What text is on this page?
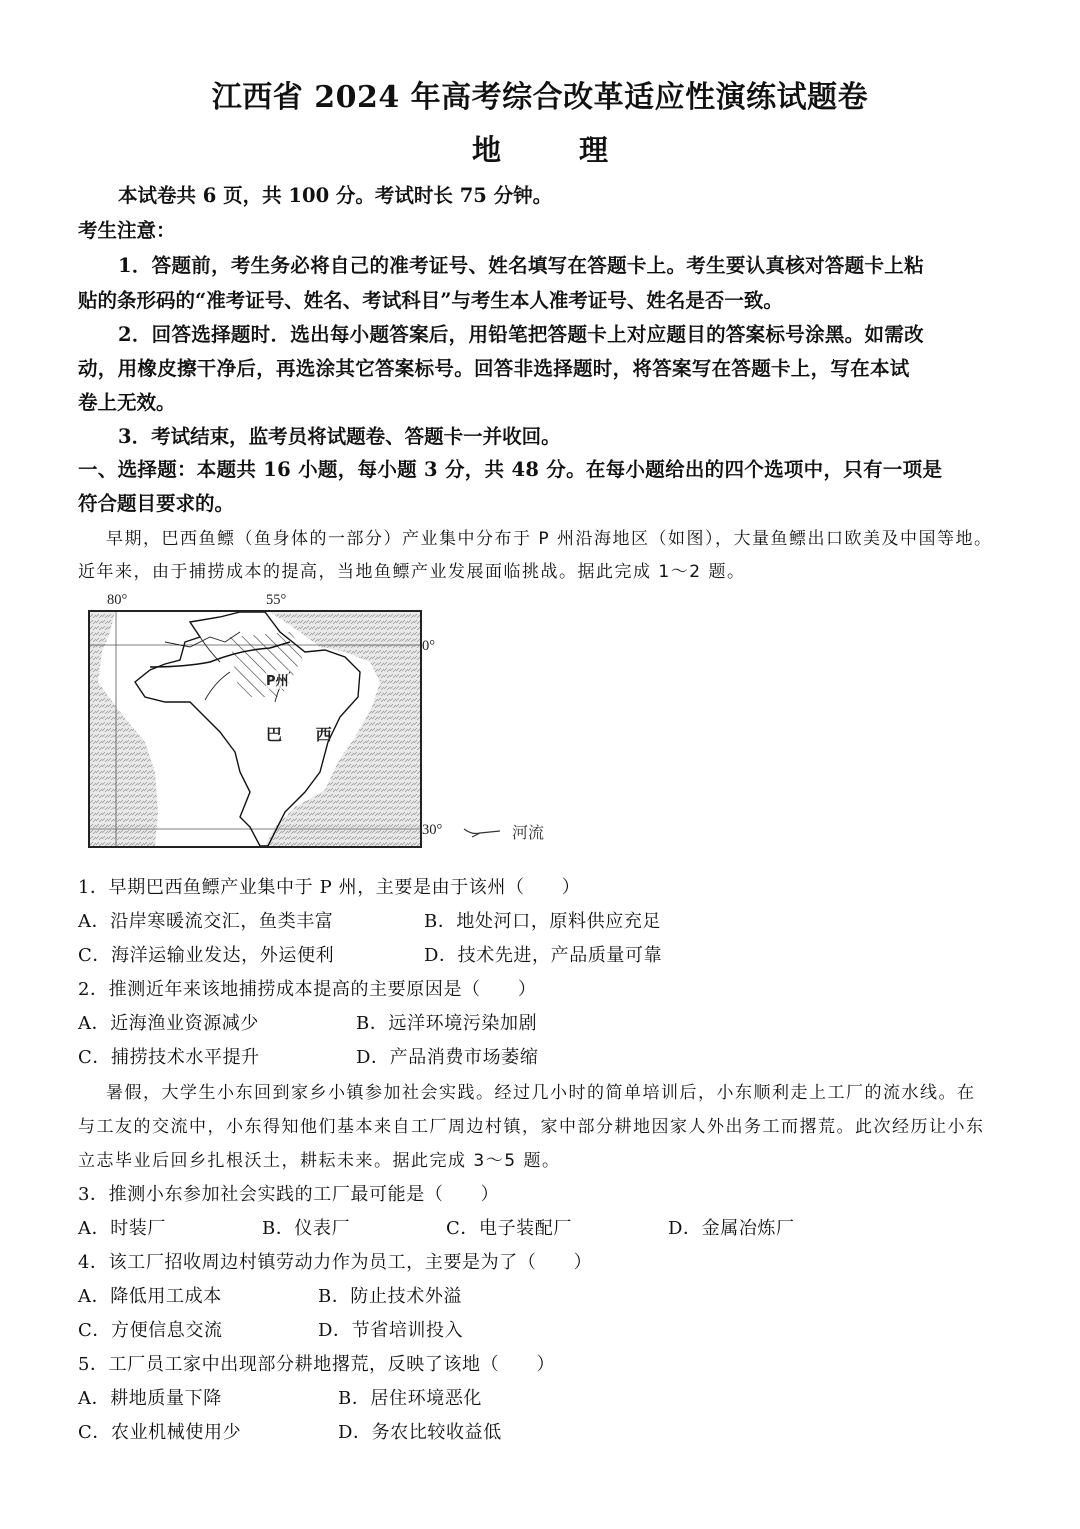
江西省 2024 年高考综合改革适应性演练试题卷
地 理
本试卷共 6 页，共 100 分。考试时长 75 分钟。
考生注意：
1．答题前，考生务必将自己的准考证号、姓名填写在答题卡上。考生要认真核对答题卡上粘
贴的条形码的“准考证号、姓名、考试科目”与考生本人准考证号、姓名是否一致。
2．回答选择题时．选出每小题答案后，用铅笔把答题卡上对应题目的答案标号涂黑。如需改
动，用橡皮擦干净后，再选涂其它答案标号。回答非选择题时，将答案写在答题卡上，写在本试
卷上无效。
3．考试结束，监考员将试题卷、答题卡一并收回。
一、选择题：本题共 16 小题，每小题 3 分，共 48 分。在每小题给出的四个选项中，只有一项是
符合题目要求的。
早期，巴西鱼鳔（鱼身体的一部分）产业集中分布于 P 州沿海地区（如图），大量鱼鳔出口欧美及中国等地。
近年来，由于捕捞成本的提高，当地鱼鳔产业发展面临挑战。据此完成 1～2 题。
80°	55°
0°
30°
P州
巴 西
河流
1．早期巴西鱼鳔产业集中于 P 州，主要是由于该州（　　）
A．沿岸寒暖流交汇，鱼类丰富	B．地处河口，原料供应充足
C．海洋运输业发达，外运便利	D．技术先进，产品质量可靠
2．推测近年来该地捕捞成本提高的主要原因是（　　）
A．近海渔业资源减少	B．远洋环境污染加剧
C．捕捞技术水平提升	D．产品消费市场萎缩
暑假，大学生小东回到家乡小镇参加社会实践。经过几小时的简单培训后，小东顺利走上工厂的流水线。在
与工友的交流中，小东得知他们基本来自工厂周边村镇，家中部分耕地因家人外出务工而撂荒。此次经历让小东
立志毕业后回乡扎根沃土，耕耘未来。据此完成 3～5 题。
3．推测小东参加社会实践的工厂最可能是（　　）
A．时装厂	B．仪表厂	C．电子装配厂	D．金属冶炼厂
4．该工厂招收周边村镇劳动力作为员工，主要是为了（　　）
A．降低用工成本	B．防止技术外溢
C．方便信息交流	D．节省培训投入
5．工厂员工家中出现部分耕地撂荒，反映了该地（　　）
A．耕地质量下降	B．居住环境恶化
C．农业机械使用少	D．务农比较收益低
